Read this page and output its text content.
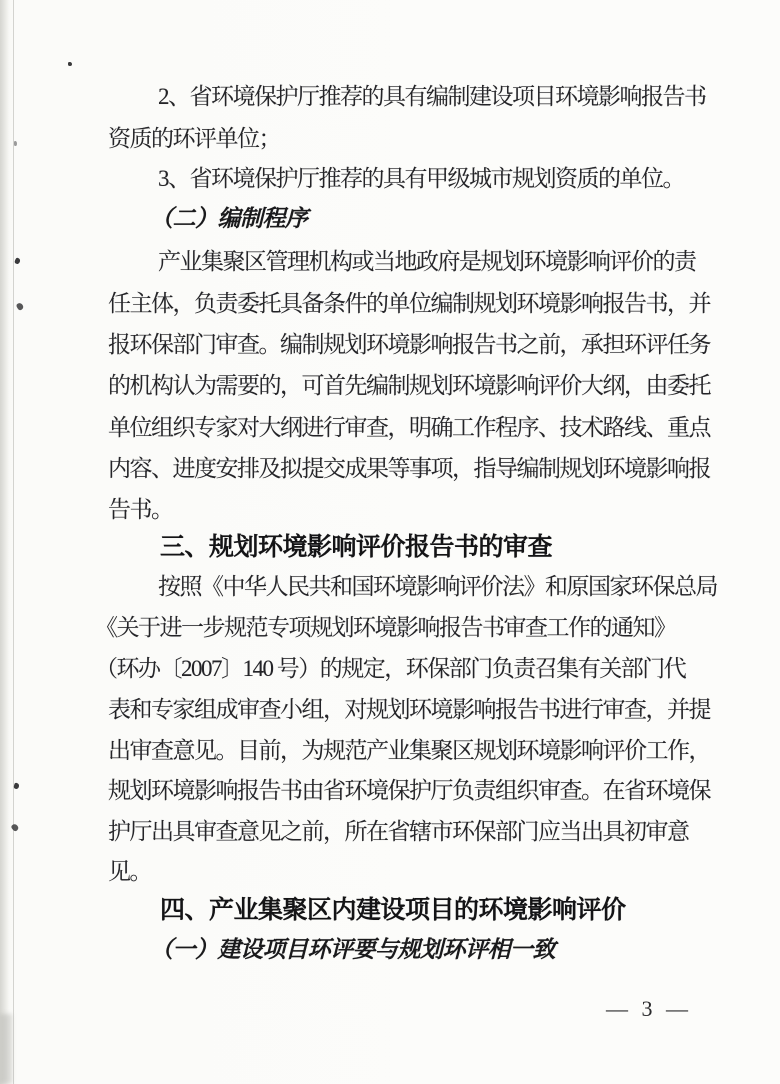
2、省环境保护厅推荐的具有编制建设项目环境影响报告书
资质的环评单位；
3、省环境保护厅推荐的具有甲级城市规划资质的单位。
（二）编制程序
产业集聚区管理机构或当地政府是规划环境影响评价的责
任主体，负责委托具备条件的单位编制规划环境影响报告书，并
报环保部门审查。编制规划环境影响报告书之前，承担环评任务
的机构认为需要的，可首先编制规划环境影响评价大纲，由委托
单位组织专家对大纲进行审查，明确工作程序、技术路线、重点
内容、进度安排及拟提交成果等事项，指导编制规划环境影响报
告书。
三、规划环境影响评价报告书的审查
按照《中华人民共和国环境影响评价法》和原国家环保总局
《关于进一步规范专项规划环境影响报告书审查工作的通知》
（环办〔2007〕140 号）的规定，环保部门负责召集有关部门代
表和专家组成审查小组，对规划环境影响报告书进行审查，并提
出审查意见。目前，为规范产业集聚区规划环境影响评价工作，
规划环境影响报告书由省环境保护厅负责组织审查。在省环境保
护厅出具审查意见之前，所在省辖市环保部门应当出具初审意
见。
四、产业集聚区内建设项目的环境影响评价
（一）建设项目环评要与规划环评相一致
— 3 —
